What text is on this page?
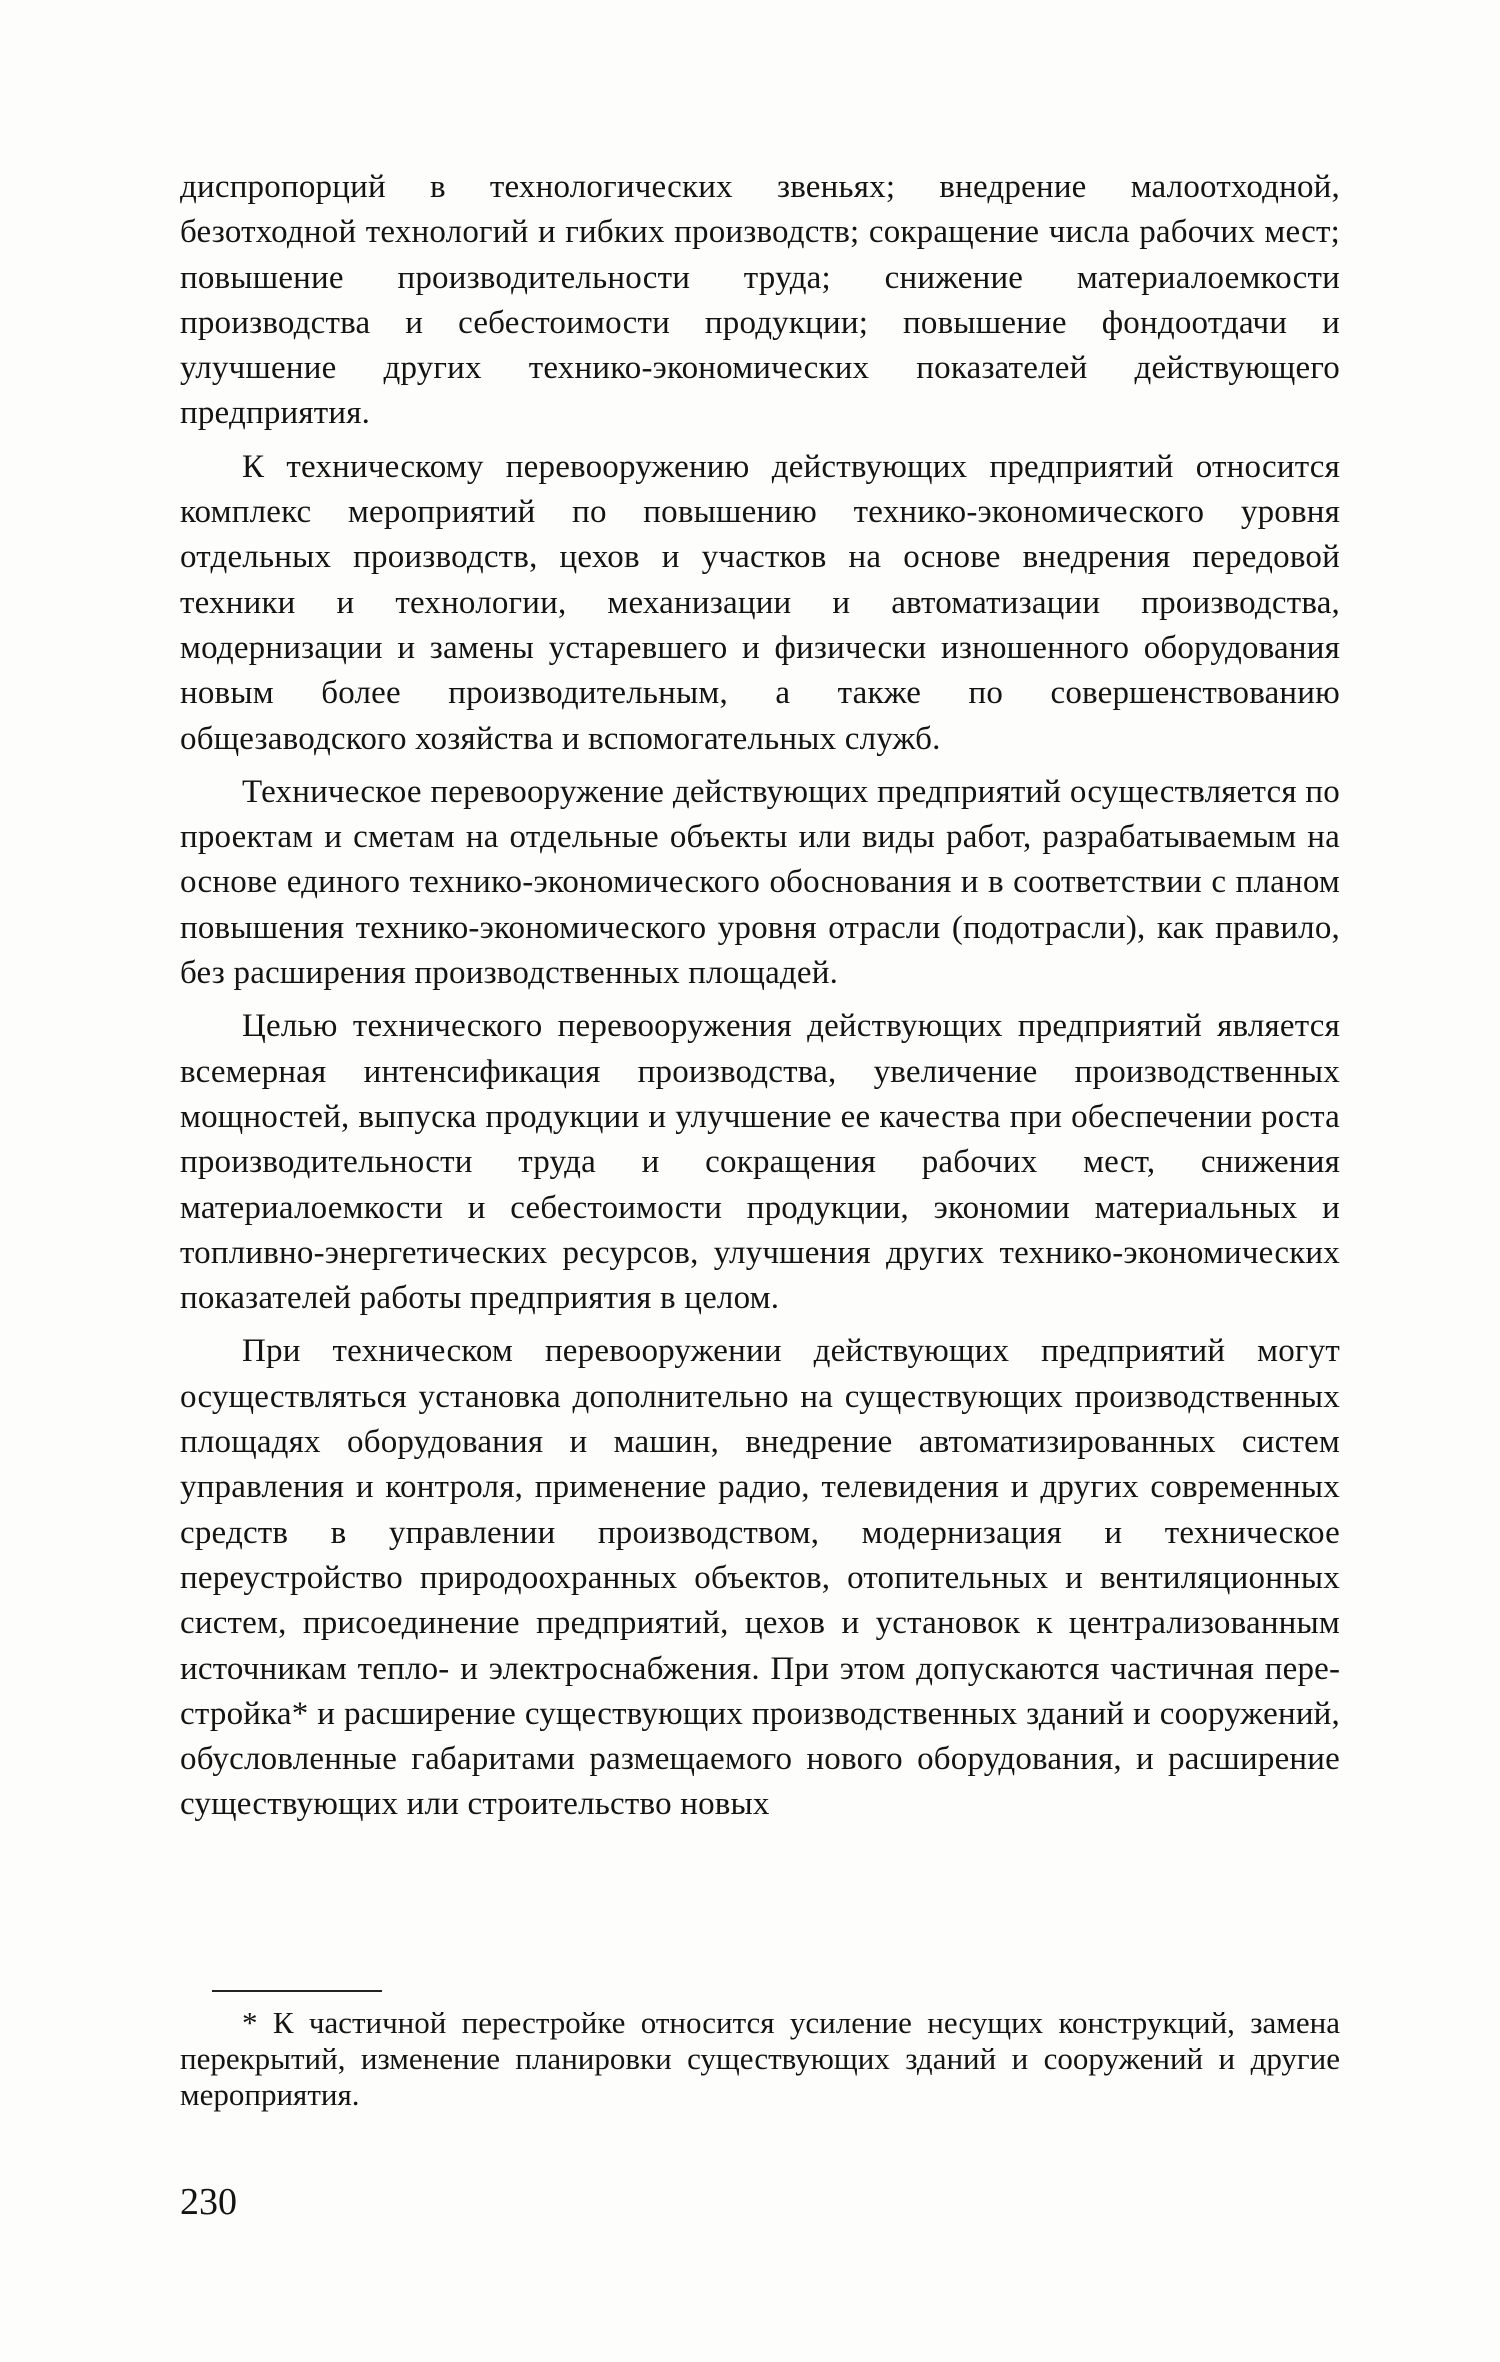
диспропорций в технологических звеньях; внедрение малоотходной, безотходной технологий и гибких производств; сокращение числа рабочих мест; повышение производительности труда; снижение материалоемкости производства и себестоимости продукции; повышение фондоотдачи и улучшение других технико-экономических показателей действующего предприятия.

К техническому перевооружению действующих предприятий относится комплекс мероприятий по повышению технико-экономического уровня отдельных производств, цехов и участков на основе внедрения передовой техники и технологии, механизации и автоматизации производства, модернизации и замены устаревшего и физически изношенного оборудования новым более производительным, а также по совершенствованию общезаводского хозяйства и вспомогательных служб.

Техническое перевооружение действующих предприятий осуществляется по проектам и сметам на отдельные объекты или виды работ, разрабатываемым на основе единого технико-экономического обоснования и в соответствии с планом повышения технико-экономического уровня отрасли (подотрасли), как правило, без расширения производственных площадей.

Целью технического перевооружения действующих предприятий является всемерная интенсификация производства, увеличение производственных мощностей, выпуска продукции и улучшение ее качества при обеспечении роста производительности труда и сокращения рабочих мест, снижения материалоемкости и себестоимости продукции, экономии материальных и топливно-энергетических ресурсов, улучшения других технико-экономических показателей работы предприятия в целом.

При техническом перевооружении действующих предприятий могут осуществляться установка дополнительно на существующих производственных площадях оборудования и машин, внедрение автоматизированных систем управления и контроля, применение радио, телевидения и других современных средств в управлении производством, модернизация и техническое переустройство природоохранных объектов, отопительных и вентиляционных систем, присоединение предприятий, цехов и установок к централизованным источникам тепло- и электроснабжения. При этом допускаются частичная перестройка* и расширение существующих производственных зданий и сооружений, обусловленные габаритами размещаемого нового оборудования, и расширение существующих или строительство новых

* К частичной перестройке относится усиление несущих конструкций, замена перекрытий, изменение планировки существующих зданий и сооружений и другие мероприятия.

230
